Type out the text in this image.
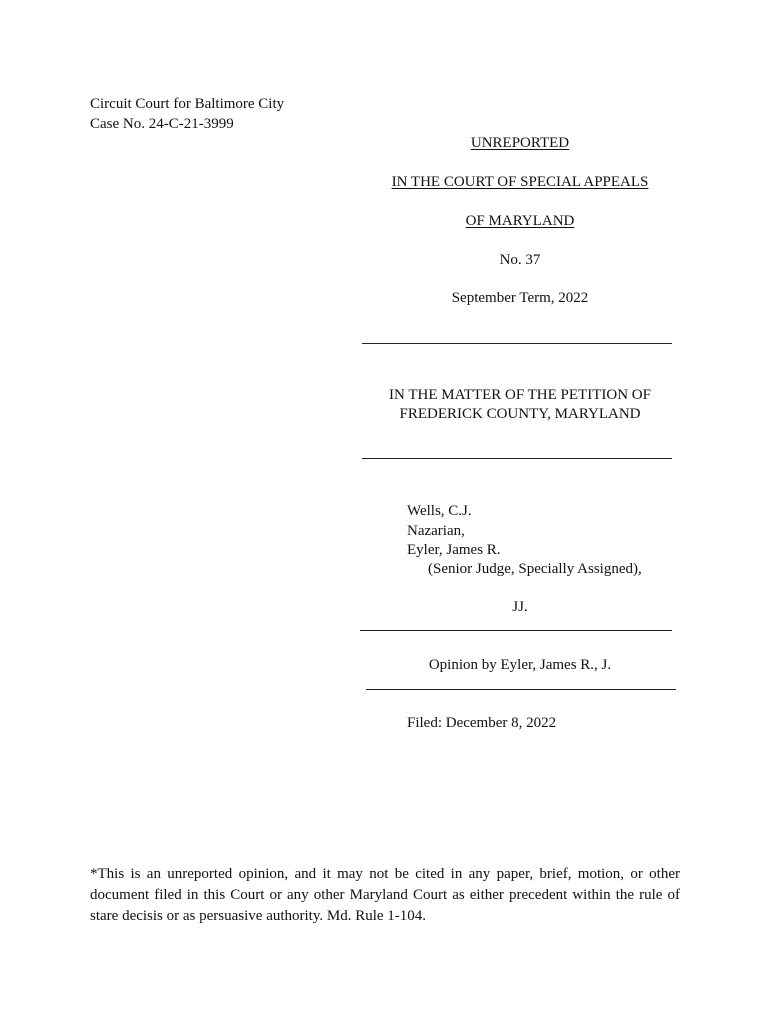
Circuit Court for Baltimore City
Case No. 24-C-21-3999
UNREPORTED
IN THE COURT OF SPECIAL APPEALS
OF MARYLAND
No. 37
September Term, 2022
IN THE MATTER OF THE PETITION OF
FREDERICK COUNTY, MARYLAND
Wells, C.J.
Nazarian,
Eyler, James R.
(Senior Judge, Specially Assigned),
JJ.
Opinion by Eyler, James R., J.
Filed: December 8, 2022
*This is an unreported opinion, and it may not be cited in any paper, brief, motion, or other document filed in this Court or any other Maryland Court as either precedent within the rule of stare decisis or as persuasive authority. Md. Rule 1-104.
